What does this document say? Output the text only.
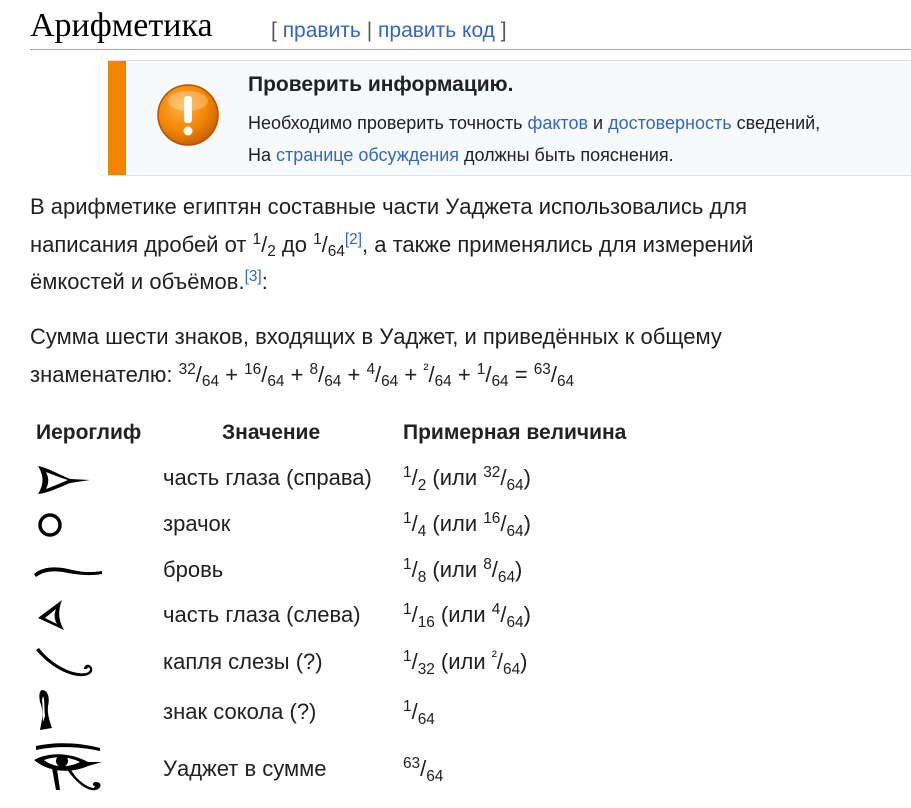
Арифметика	[ править | править код ]
Проверить информацию.
Необходимо проверить точность фактов и достоверность сведений,
На странице обсуждения должны быть пояснения.
В арифметике египтян составные части Уаджета использовались для
написания дробей от $^1/_2$ до $^1/_{64}[2]$, а также применялись для измерений
ёмкостей и объёмов.[3]:
Сумма шести знаков, входящих в Уаджет, и приведённых к общему
знаменателю: $^{32}/_{64} + ^{16}/_{64} + ^8/_{64} + ^4/_{64} + ^{^2}/_{64} + ^1/_{64} = ^{63}/_{64}$
Иероглиф	Значение	Примерная величина
часть глаза (справа) $^1/_2$ (или $^{32}/_{64}$)
зрачок	$^1/_4$ (или $^{16}/_{64}$)
бровь	$^1/_8$ (или $^8/_{64}$)
часть глаза (слева)	$^1/_{16}$ (или $^4/_{64}$)
капля слезы (?)	$^1/_{32}$ (или $^{^2}/_{64}$)
знак сокола (?)	$^1/_{64}$
Уаджет в сумме	$^{63}/_{64}$
